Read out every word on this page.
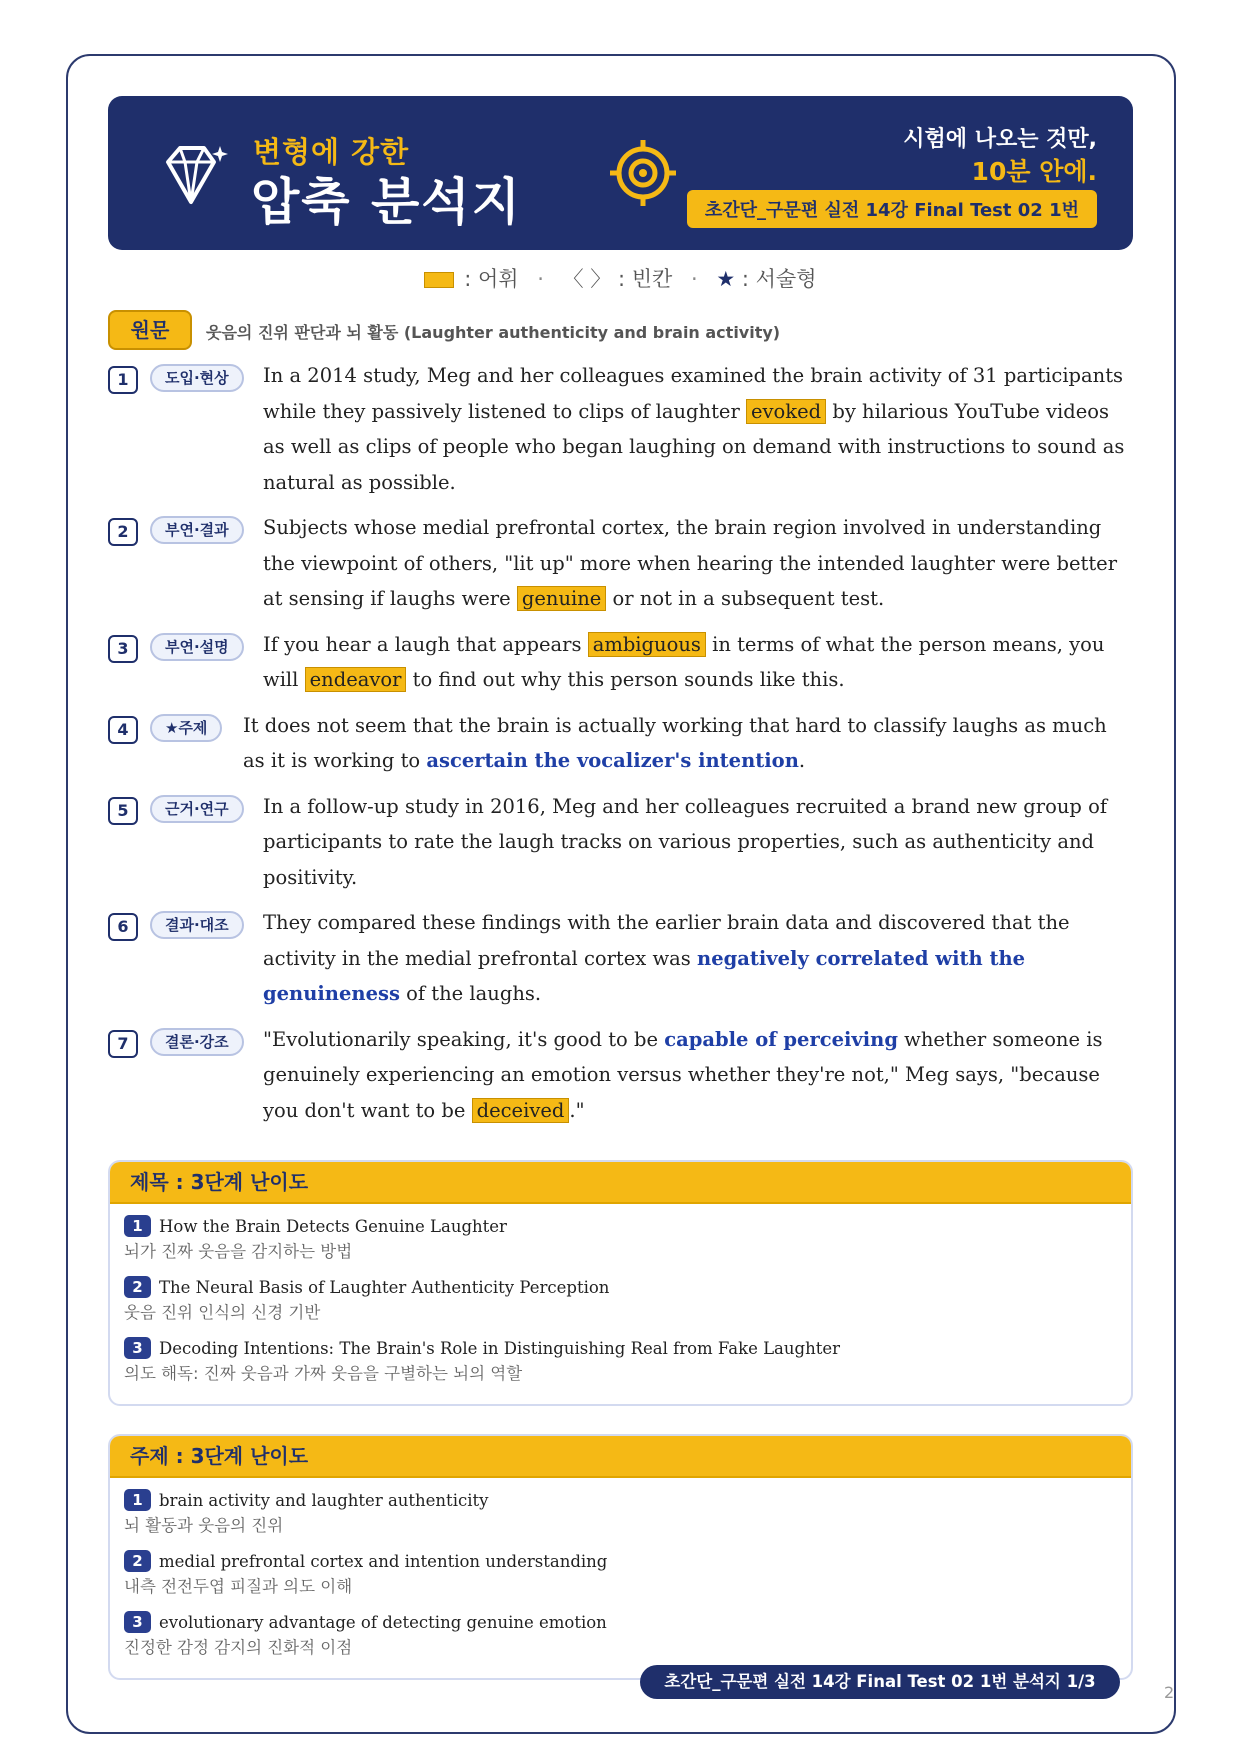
변형에 강한
압축 분석지
시험에 나오는 것만,
10분 안에.
초간단_구문편 실전 14강 Final Test 02 1번
: 어휘 · 〈 〉 : 빈칸 · ★ : 서술형
원문	웃음의 진위 판단과 뇌 활동 (Laughter authenticity and brain activity)
1	도입·현상	In a 2014 study, Meg and her colleagues examined the brain activity of 31 participants while they passively listened to clips of laughter evoked by hilarious YouTube videos as well as clips of people who began laughing on demand with instructions to sound as natural as possible.
2	부연·결과	Subjects whose medial prefrontal cortex, the brain region involved in understanding the viewpoint of others, "lit up" more when hearing the intended laughter were better at sensing if laughs were genuine or not in a subsequent test.
3	부연·설명	If you hear a laugh that appears ambiguous in terms of what the person means, you will endeavor to find out why this person sounds like this.
4	★주제	It does not seem that the brain is actually working that hard to classify laughs as much as it is working to ascertain the vocalizer's intention.
5	근거·연구	In a follow-up study in 2016, Meg and her colleagues recruited a brand new group of participants to rate the laugh tracks on various properties, such as authenticity and positivity.
6	결과·대조	They compared these findings with the earlier brain data and discovered that the activity in the medial prefrontal cortex was negatively correlated with the genuineness of the laughs.
7	결론·강조	"Evolutionarily speaking, it's good to be capable of perceiving whether someone is genuinely experiencing an emotion versus whether they're not," Meg says, "because you don't want to be deceived ."
제목 : 3단계 난이도
1 How the Brain Detects Genuine Laughter
뇌가 진짜 웃음을 감지하는 방법
2 The Neural Basis of Laughter Authenticity Perception
웃음 진위 인식의 신경 기반
3 Decoding Intentions: The Brain's Role in Distinguishing Real from Fake Laughter
의도 해독: 진짜 웃음과 가짜 웃음을 구별하는 뇌의 역할
주제 : 3단계 난이도
1 brain activity and laughter authenticity
뇌 활동과 웃음의 진위
2 medial prefrontal cortex and intention understanding
내측 전전두엽 피질과 의도 이해
3 evolutionary advantage of detecting genuine emotion
진정한 감정 감지의 진화적 이점
초간단_구문편 실전 14강 Final Test 02 1번 분석지 1/3
2
